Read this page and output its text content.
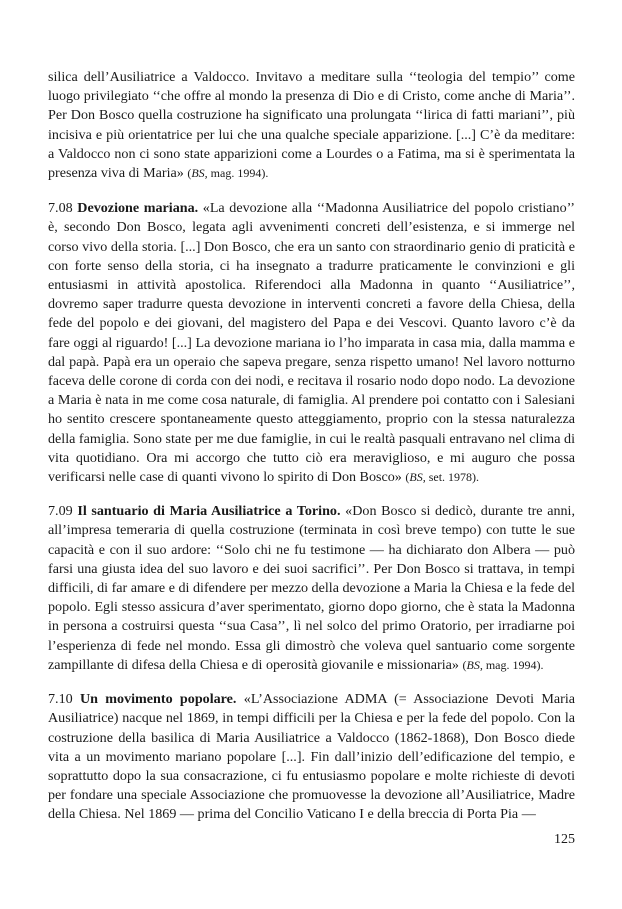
silica dell’Ausiliatrice a Valdocco. Invitavo a meditare sulla ‘‘teologia del tempio’’ come luogo privilegiato ‘‘che offre al mondo la presenza di Dio e di Cristo, come anche di Maria’’. Per Don Bosco quella costruzione ha significato una prolungata ‘‘lirica di fatti mariani’’, più incisiva e più orientatrice per lui che una qualche speciale apparizione. [...] C’è da meditare: a Valdocco non ci sono state apparizioni come a Lourdes o a Fatima, ma si è sperimentata la presenza viva di Maria» (BS, mag. 1994).

7.08 Devozione mariana. «La devozione alla ‘‘Madonna Ausiliatrice del popolo cristiano’’ è, secondo Don Bosco, legata agli avvenimenti concreti dell’esistenza, e si immerge nel corso vivo della storia. [...] Don Bosco, che era un santo con straordinario genio di praticità e con forte senso della storia, ci ha insegnato a tradurre praticamente le convinzioni e gli entusiasmi in attività apostolica. Riferendoci alla Madonna in quanto ‘‘Ausiliatrice’’, dovremo saper tradurre questa devozione in interventi concreti a favore della Chiesa, della fede del popolo e dei giovani, del magistero del Papa e dei Vescovi. Quanto lavoro c’è da fare oggi al riguardo! [...] La devozione mariana io l’ho imparata in casa mia, dalla mamma e dal papà. Papà era un operaio che sapeva pregare, senza rispetto umano! Nel lavoro notturno faceva delle corone di corda con dei nodi, e recitava il rosario nodo dopo nodo. La devozione a Maria è nata in me come cosa naturale, di famiglia. Al prendere poi contatto con i Salesiani ho sentito crescere spontaneamente questo atteggiamento, proprio con la stessa naturalezza della famiglia. Sono state per me due famiglie, in cui le realtà pasquali entravano nel clima di vita quotidiano. Ora mi accorgo che tutto ciò era meraviglioso, e mi auguro che possa verificarsi nelle case di quanti vivono lo spirito di Don Bosco» (BS, set. 1978).

7.09 Il santuario di Maria Ausiliatrice a Torino. «Don Bosco si dedicò, durante tre anni, all’impresa temeraria di quella costruzione (terminata in così breve tempo) con tutte le sue capacità e con il suo ardore: ‘‘Solo chi ne fu testimone — ha dichiarato don Albera — può farsi una giusta idea del suo lavoro e dei suoi sacrifici’’. Per Don Bosco si trattava, in tempi difficili, di far amare e di difendere per mezzo della devozione a Maria la Chiesa e la fede del popolo. Egli stesso assicura d’aver sperimentato, giorno dopo giorno, che è stata la Madonna in persona a costruirsi questa ‘‘sua Casa’’, lì nel solco del primo Oratorio, per irradiarne poi l’esperienza di fede nel mondo. Essa gli dimostrò che voleva quel santuario come sorgente zampillante di difesa della Chiesa e di operosità giovanile e missionaria» (BS, mag. 1994).

7.10 Un movimento popolare. «L’Associazione ADMA (= Associazione Devoti Maria Ausiliatrice) nacque nel 1869, in tempi difficili per la Chiesa e per la fede del popolo. Con la costruzione della basilica di Maria Ausiliatrice a Valdocco (1862-1868), Don Bosco diede vita a un movimento mariano popolare [...]. Fin dall’inizio dell’edificazione del tempio, e soprattutto dopo la sua consacrazione, ci fu entusiasmo popolare e molte richieste di devoti per fondare una speciale Associazione che promuovesse la devozione all’Ausiliatrice, Madre della Chiesa. Nel 1869 — prima del Concilio Vaticano I e della breccia di Porta Pia —

125
